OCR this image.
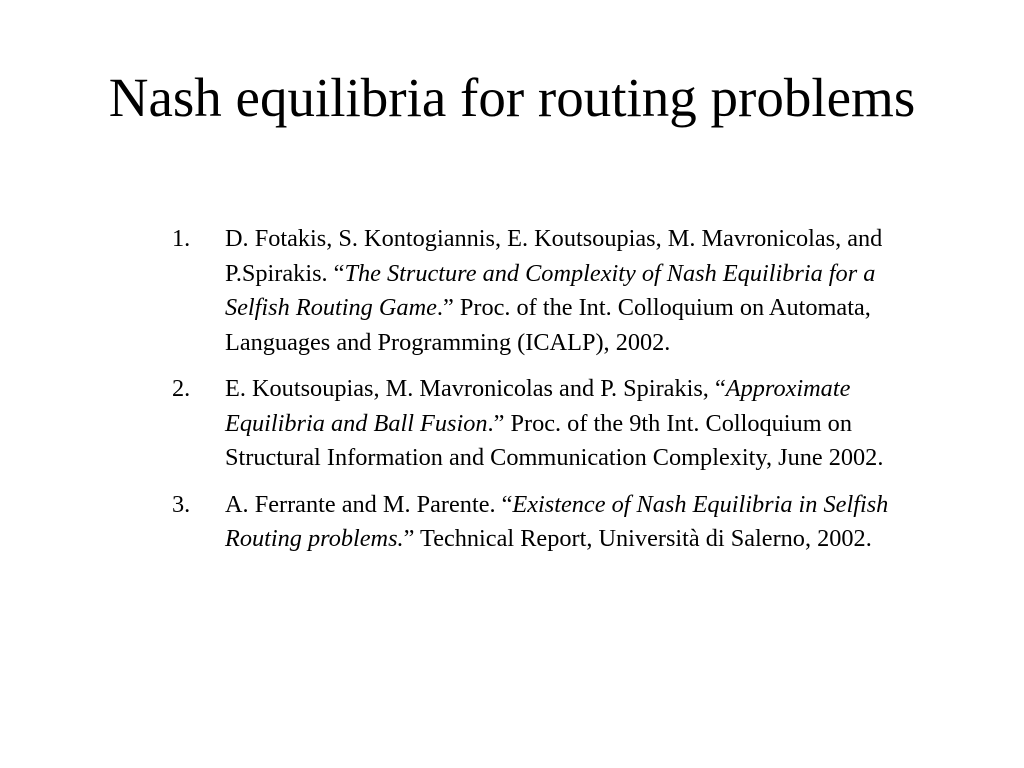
Nash equilibria for routing problems
1. D. Fotakis, S. Kontogiannis, E. Koutsoupias, M. Mavronicolas, and P.Spirakis. “The Structure and Complexity of Nash Equilibria for a Selfish Routing Game.” Proc. of the Int. Colloquium on Automata, Languages and Programming (ICALP), 2002.
2. E. Koutsoupias, M. Mavronicolas and P. Spirakis, “Approximate Equilibria and Ball Fusion.” Proc. of the 9th Int. Colloquium on Structural Information and Communication Complexity, June 2002.
3. A. Ferrante and M. Parente. “Existence of Nash Equilibria in Selfish Routing problems.” Technical Report, Università di Salerno, 2002.
